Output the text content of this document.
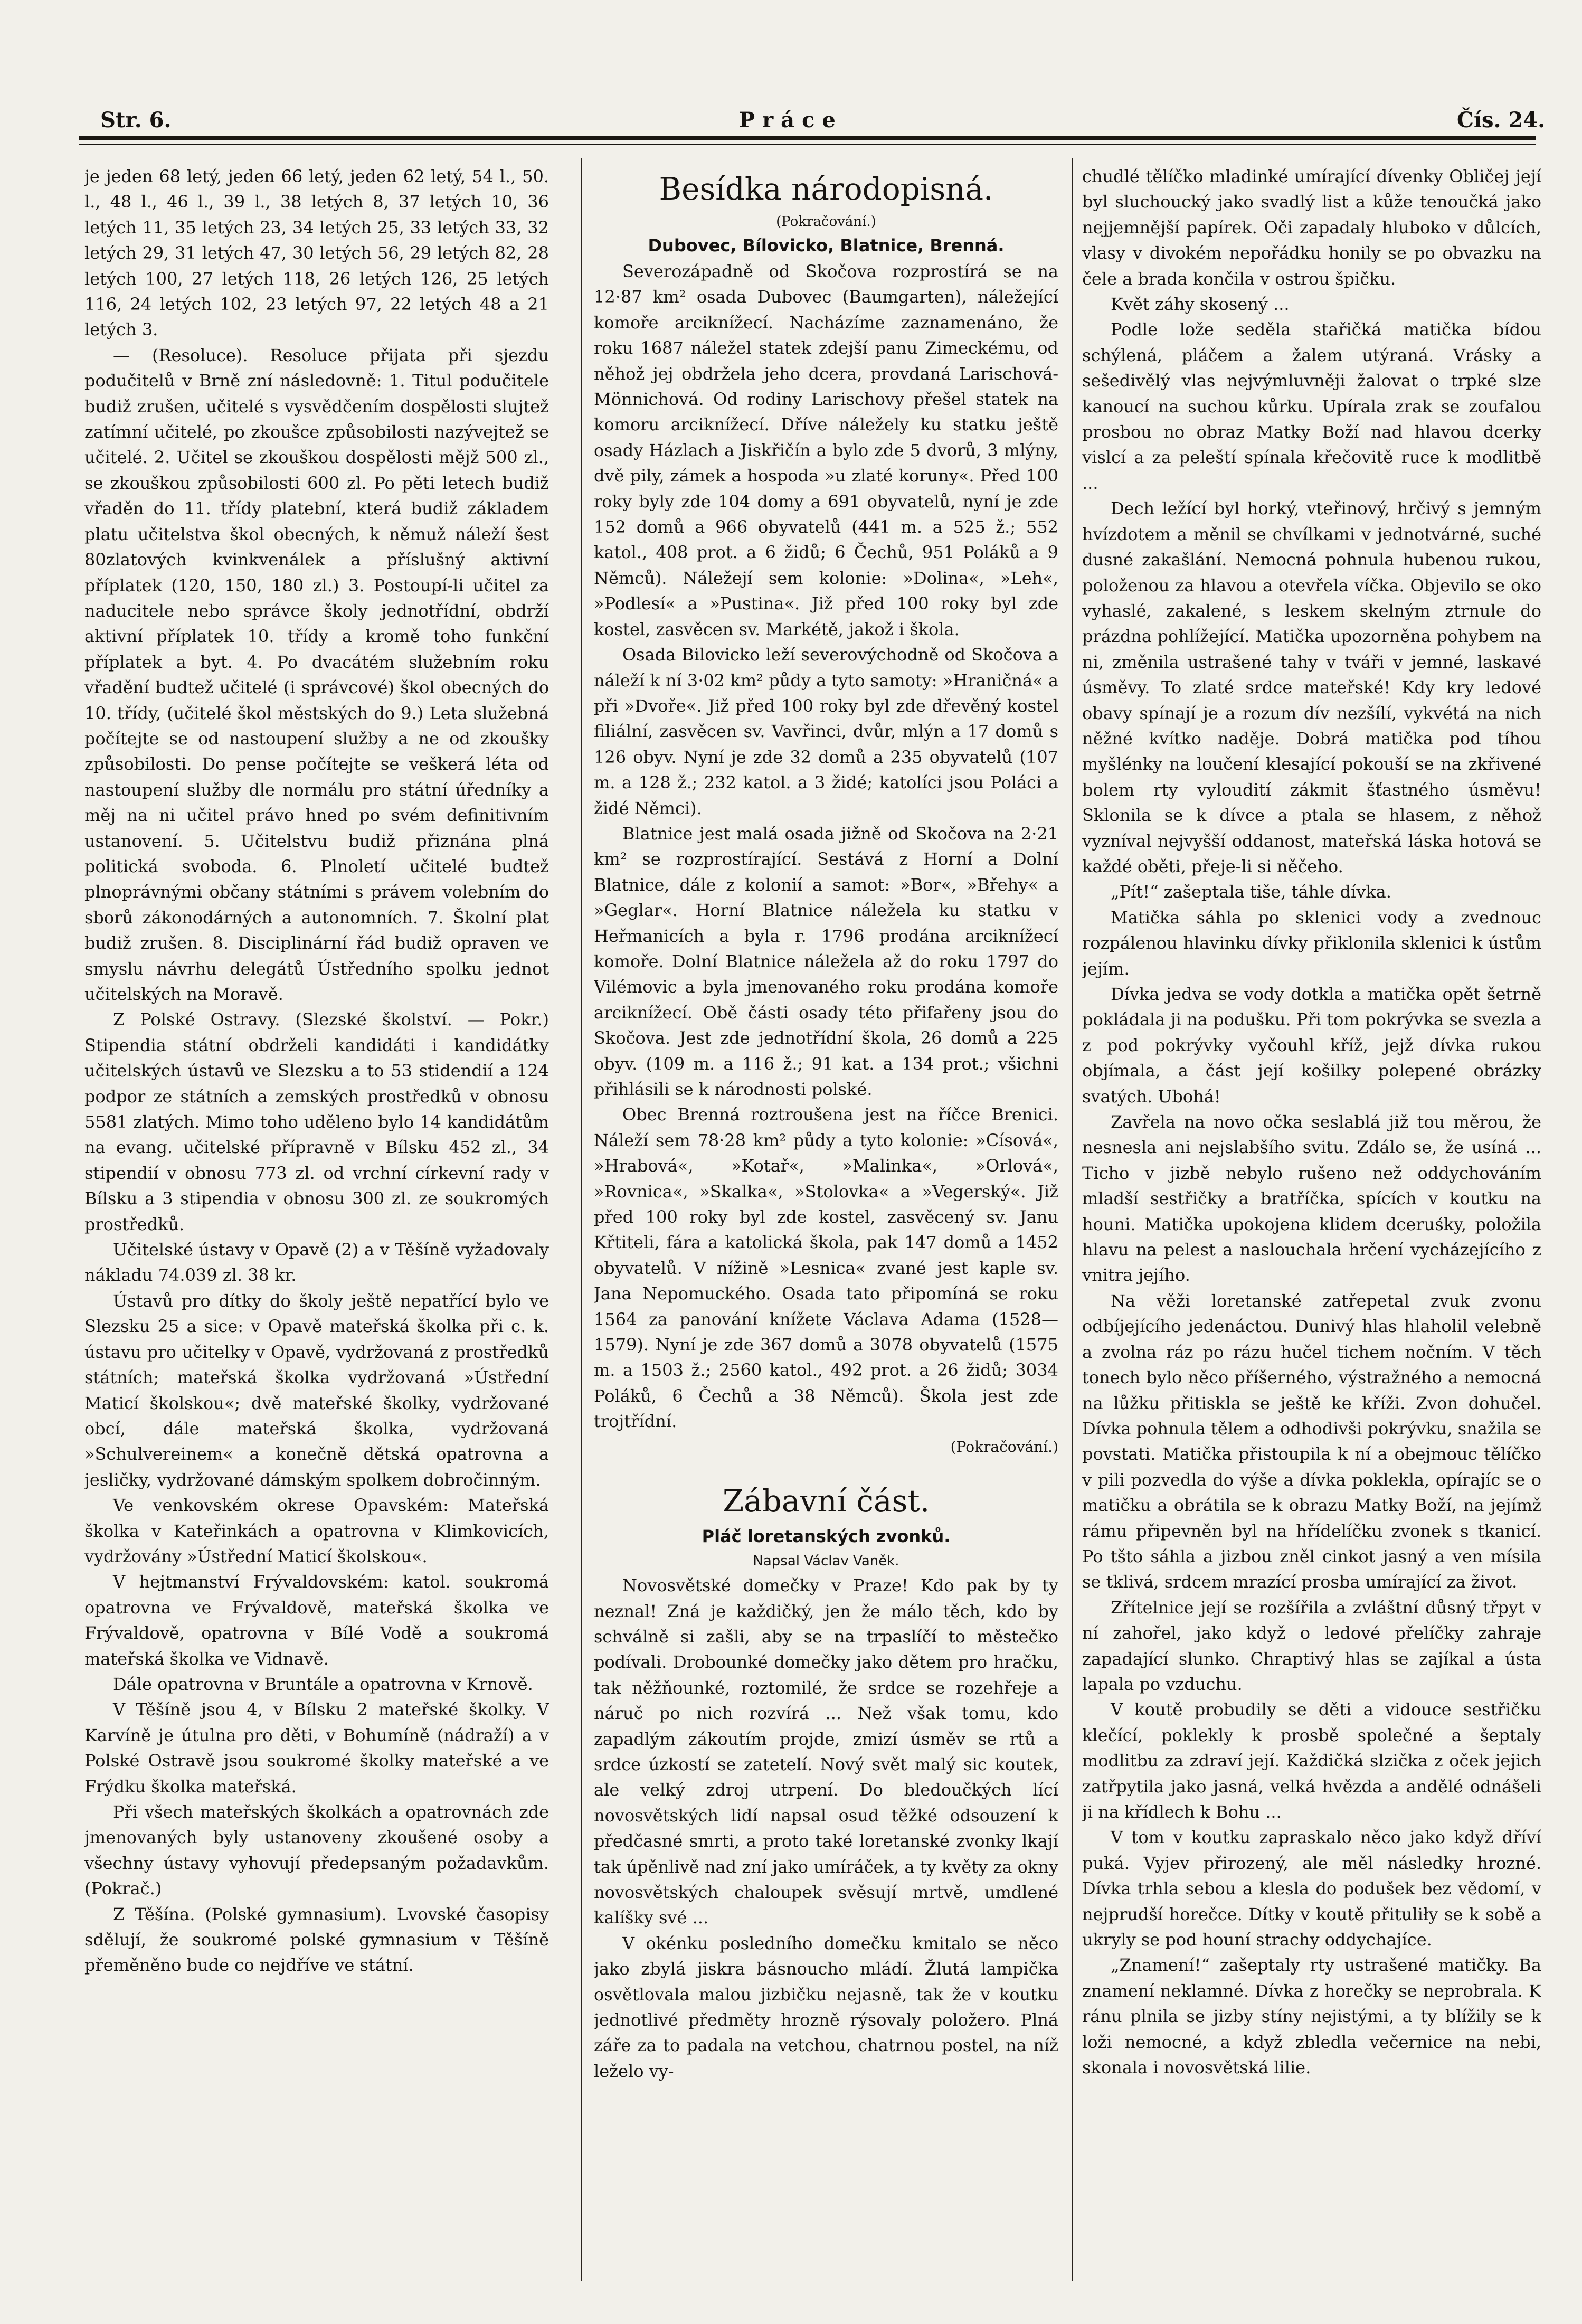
Str. 6.	Práce	Čís. 24.

je jeden 68 letý, jeden 66 letý, jeden 62 letý, 54 l., 50. l., 48 l., 46 l., 39 l., 38 letých 8, 37 letých 10, 36 letých 11, 35 letých 23, 34 letých 25, 33 letých 33, 32 letých 29, 31 letých 47, 30 letých 56, 29 letých 82, 28 letých 100, 27 letých 118, 26 letých 126, 25 letých 116, 24 letých 102, 23 letých 97, 22 letých 48 a 21 letých 3.

— (Resoluce). Resoluce přijata při sjezdu podučitelů v Brně zní následovně: 1. Titul podučitele budiž zrušen, učitelé s vysvědčením dospělosti slujtež zatímní učitelé, po zkoušce způsobilosti nazývejtež se učitelé. 2. Učitel se zkouškou dospělosti mějž 500 zl., se zkouškou způsobilosti 600 zl. Po pěti letech budiž vřaděn do 11. třídy platební, která budiž základem platu učitelstva škol obecných, k němuž náleží šest 80zlatových kvinkvenálek a příslušný aktivní příplatek (120, 150, 180 zl.) 3. Postoupí-li učitel za naducitele nebo správce školy jednotřídní, obdrží aktivní příplatek 10. třídy a kromě toho funkční příplatek a byt. 4. Po dvacátém služebním roku vřadění budtež učitelé (i správcové) škol obecných do 10. třídy, (učitelé škol městských do 9.) Leta služebná počítejte se od nastoupení služby a ne od zkoušky způsobilosti. Do pense počítejte se veškerá léta od nastoupení služby dle normálu pro státní úředníky a měj na ni učitel právo hned po svém definitivním ustanovení. 5. Učitelstvu budiž přiznána plná politická svoboda. 6. Plnoletí učitelé budtež plnoprávnými občany státními s právem volebním do sborů zákonodárných a autonomních. 7. Školní plat budiž zrušen. 8. Disciplinární řád budiž opraven ve smyslu návrhu delegátů Ústředního spolku jednot učitelských na Moravě.

Z Polské Ostravy. (Slezské školství. — Pokr.) Stipendia státní obdrželi kandidáti i kandidátky učitelských ústavů ve Slezsku a to 53 stidendií a 124 podpor ze státních a zemských prostředků v obnosu 5581 zlatých. Mimo toho uděleno bylo 14 kandidátům na evang. učitelské přípravně v Bílsku 452 zl., 34 stipendií v obnosu 773 zl. od vrchní církevní rady v Bílsku a 3 stipendia v obnosu 300 zl. ze soukromých prostředků.

Učitelské ústavy v Opavě (2) a v Těšíně vyžadovaly nákladu 74.039 zl. 38 kr.

Ústavů pro dítky do školy ještě nepatřící bylo ve Slezsku 25 a sice: v Opavě mateřská školka při c. k. ústavu pro učitelky v Opavě, vydržovaná z prostředků státních; mateřská školka vydržovaná »Ústřední Maticí školskou«; dvě mateřské školky, vydržované obcí, dále mateřská školka, vydržovaná »Schulvereinem« a konečně dětská opatrovna a jesličky, vydržované dámským spolkem dobročinným.

Ve venkovském okrese Opavském: Mateřská školka v Kateřinkách a opatrovna v Klimkovicích, vydržovány »Ústřední Maticí školskou«.

V hejtmanství Frývaldovském: katol. soukromá opatrovna ve Frývaldově, mateřská školka ve Frývaldově, opatrovna v Bílé Vodě a soukromá mateřská školka ve Vidnavě.

Dále opatrovna v Bruntále a opatrovna v Krnově.

V Těšíně jsou 4, v Bílsku 2 mateřské školky. V Karvíně je útulna pro děti, v Bohumíně (nádraží) a v Polské Ostravě jsou soukromé školky mateřské a ve Frýdku školka mateřská.

Při všech mateřských školkách a opatrovnách zde jmenovaných byly ustanoveny zkoušené osoby a všechny ústavy vyhovují předepsaným požadavkům. (Pokrač.)

Z Těšína. (Polské gymnasium). Lvovské časopisy sdělují, že soukromé polské gymnasium v Těšíně přeměněno bude co nejdříve ve státní.

Besídka národopisná.
(Pokračování.)
Dubovec, Bílovicko, Blatnice, Brenná.

Severozápadně od Skočova rozprostírá se na 12·87 km² osada Dubovec (Baumgarten), náležející komoře arciknížecí. Nacházíme zaznamenáno, že roku 1687 náležel statek zdejší panu Zimeckému, od něhož jej obdržela jeho dcera, provdaná Larischová-Mönnichová. Od rodiny Larischovy přešel statek na komoru arciknížecí. Dříve náležely ku statku ještě osady Házlach a Jiskřičín a bylo zde 5 dvorů, 3 mlýny, dvě pily, zámek a hospoda »u zlaté koruny«. Před 100 roky byly zde 104 domy a 691 obyvatelů, nyní je zde 152 domů a 966 obyvatelů (441 m. a 525 ž.; 552 katol., 408 prot. a 6 židů; 6 Čechů, 951 Poláků a 9 Němců). Náležejí sem kolonie: »Dolina«, »Leh«, »Podlesí« a »Pustina«. Již před 100 roky byl zde kostel, zasvěcen sv. Markétě, jakož i škola.

Osada Bilovicko leží severovýchodně od Skočova a náleží k ní 3·02 km² půdy a tyto samoty: »Hraničná« a při »Dvoře«. Již před 100 roky byl zde dřevěný kostel filiální, zasvěcen sv. Vavřinci, dvůr, mlýn a 17 domů s 126 obyv. Nyní je zde 32 domů a 235 obyvatelů (107 m. a 128 ž.; 232 katol. a 3 židé; katolíci jsou Poláci a židé Němci).

Blatnice jest malá osada jižně od Skočova na 2·21 km² se rozprostírající. Sestává z Horní a Dolní Blatnice, dále z kolonií a samot: »Bor«, »Břehy« a »Geglar«. Horní Blatnice náležela ku statku v Heřmanicích a byla r. 1796 prodána arciknížecí komoře. Dolní Blatnice náležela až do roku 1797 do Vilémovic a byla jmenovaného roku prodána komoře arciknížecí. Obě části osady této přifařeny jsou do Skočova. Jest zde jednotřídní škola, 26 domů a 225 obyv. (109 m. a 116 ž.; 91 kat. a 134 prot.; všichni přihlásili se k národnosti polské.

Obec Brenná roztroušena jest na říčce Brenici. Náleží sem 78·28 km² půdy a tyto kolonie: »Císová«, »Hrabová«, »Kotař«, »Malinka«, »Orlová«, »Rovnica«, »Skalka«, »Stolovka« a »Vegerský«. Již před 100 roky byl zde kostel, zasvěcený sv. Janu Křtiteli, fára a katolická škola, pak 147 domů a 1452 obyvatelů. V nížině »Lesnica« zvané jest kaple sv. Jana Nepomuckého. Osada tato připomíná se roku 1564 za panování knížete Václava Adama (1528—1579). Nyní je zde 367 domů a 3078 obyvatelů (1575 m. a 1503 ž.; 2560 katol., 492 prot. a 26 židů; 3034 Poláků, 6 Čechů a 38 Němců). Škola jest zde trojtřídní.

(Pokračování.)
Zábavní část.
Pláč loretanských zvonků.
Napsal Václav Vaněk.

Novosvětské domečky v Praze! Kdo pak by ty neznal! Zná je každičký, jen že málo těch, kdo by schválně si zašli, aby se na trpaslíčí to městečko podívali. Drobounké domečky jako dětem pro hračku, tak něžňounké, roztomilé, že srdce se rozehřeje a náruč po nich rozvírá ... Než však tomu, kdo zapadlým zákoutím projde, zmizí úsměv se rtů a srdce úzkostí se zatetelí. Nový svět malý sic koutek, ale velký zdroj utrpení. Do bledoučkých lící novosvětských lidí napsal osud těžké odsouzení k předčasné smrti, a proto také loretanské zvonky lkají tak úpěnlivě nad zní jako umíráček, a ty květy za okny novosvětských chaloupek svěsují mrtvě, umdlené kalíšky své ...

V okénku posledního domečku kmitalo se něco jako zbylá jiskra básnoucho mládí. Žlutá lampička osvětlovala malou jizbičku nejasně, tak že v koutku jednotlivé předměty hrozně rýsovaly položero. Plná záře za to padala na vetchou, chatrnou postel, na níž leželo vy-

chudlé tělíčko mladinké umírající dívenky Obličej její byl sluchoucký jako svadlý list a kůže tenoučká jako nejjemnější papírek. Oči zapadaly hluboko v důlcích, vlasy v divokém nepořádku honily se po obvazku na čele a brada končila v ostrou špičku.

Květ záhy skosený ...

Podle lože seděla stařičká matička bídou schýlená, pláčem a žalem utýraná. Vrásky a sešedivělý vlas nejvýmluvněji žalovat o trpké slze kanoucí na suchou kůrku. Upírala zrak se zoufalou prosbou no obraz Matky Boží nad hlavou dcerky vislcí a za peleští spínala křečovitě ruce k modlitbě ...

Dech ležící byl horký, vteřinový, hrčivý s jemným hvízdotem a měnil se chvílkami v jednotvárné, suché dusné zakašlání. Nemocná pohnula hubenou rukou, položenou za hlavou a otevřela víčka. Objevilo se oko vyhaslé, zakalené, s leskem skelným ztrnule do prázdna pohlížející. Matička upozorněna pohybem na ni, změnila ustrašené tahy v tváři v jemné, laskavé úsměvy. To zlaté srdce mateřské! Kdy kry ledové obavy spínají je a rozum dív nezšílí, vykvétá na nich něžné kvítko naděje. Dobrá matička pod tíhou myšlénky na loučení klesající pokouší se na zkřivené bolem rty vyloudití zákmit šťastného úsměvu! Sklonila se k dívce a ptala se hlasem, z něhož vyzníval nejvyšší oddanost, mateřská láska hotová se každé oběti, přeje-li si něčeho.

„Pít!“ zašeptala tiše, táhle dívka.

Matička sáhla po sklenici vody a zvednouc rozpálenou hlavinku dívky přiklonila sklenici k ústům jejím.

Dívka jedva se vody dotkla a matička opět šetrně pokládala ji na podušku. Při tom pokrývka se svezla a z pod pokrývky vyčouhl kříž, jejž dívka rukou objímala, a část její košilky polepené obrázky svatých. Ubohá!

Zavřela na novo očka seslablá již tou měrou, že nesnesla ani nejslabšího svitu. Zdálo se, že usíná ... Ticho v jizbě nebylo rušeno než oddychováním mladší sestřičky a bratříčka, spících v koutku na houni. Matička upokojena klidem dceruśky, položila hlavu na pelest a naslouchala hrčení vycházejícího z vnitra jejího.

Na věži loretanské zatřepetal zvuk zvonu odbíjejícího jedenáctou. Dunivý hlas hlaholil velebně a zvolna ráz po rázu hučel tichem nočním. V těch tonech bylo něco příšerného, výstražného a nemocná na lůžku přitiskla se ještě ke kříži. Zvon dohučel. Dívka pohnula tělem a odhodivši pokrývku, snažila se povstati. Matička přistoupila k ní a obejmouc tělíčko v pili pozvedla do výše a dívka poklekla, opírajíc se o matičku a obrátila se k obrazu Matky Boží, na jejímž rámu připevněn byl na hřídelíčku zvonek s tkanicí. Po tšto sáhla a jizbou zněl cinkot jasný a ven mísila se tklivá, srdcem mrazící prosba umírající za život.

Zřítelnice její se rozšířila a zvláštní důsný třpyt v ní zahořel, jako když o ledové přelíčky zahraje zapadající slunko. Chraptivý hlas se zajíkal a ústa lapala po vzduchu.

V koutě probudily se děti a vidouce sestřičku klečící, poklekly k prosbě společné a šeptaly modlitbu za zdraví její. Každičká slzička z oček jejich zatřpytila jako jasná, velká hvězda a andělé odnášeli ji na křídlech k Bohu ...

V tom v koutku zapraskalo něco jako když dříví puká. Vyjev přirozený, ale měl následky hrozné. Dívka trhla sebou a klesla do podušek bez vědomí, v nejprudší horečce. Dítky v koutě přituliły se k sobě a ukryly se pod houní strachy oddychajíce.

„Znamení!“ zašeptaly rty ustrašené matičky. Ba znamení neklamné. Dívka z horečky se neprobrala. K ránu plnila se jizby stíny nejistými, a ty blížily se k loži nemocné, a když zbledla večernice na nebi, skonala i novosvětská lilie.
